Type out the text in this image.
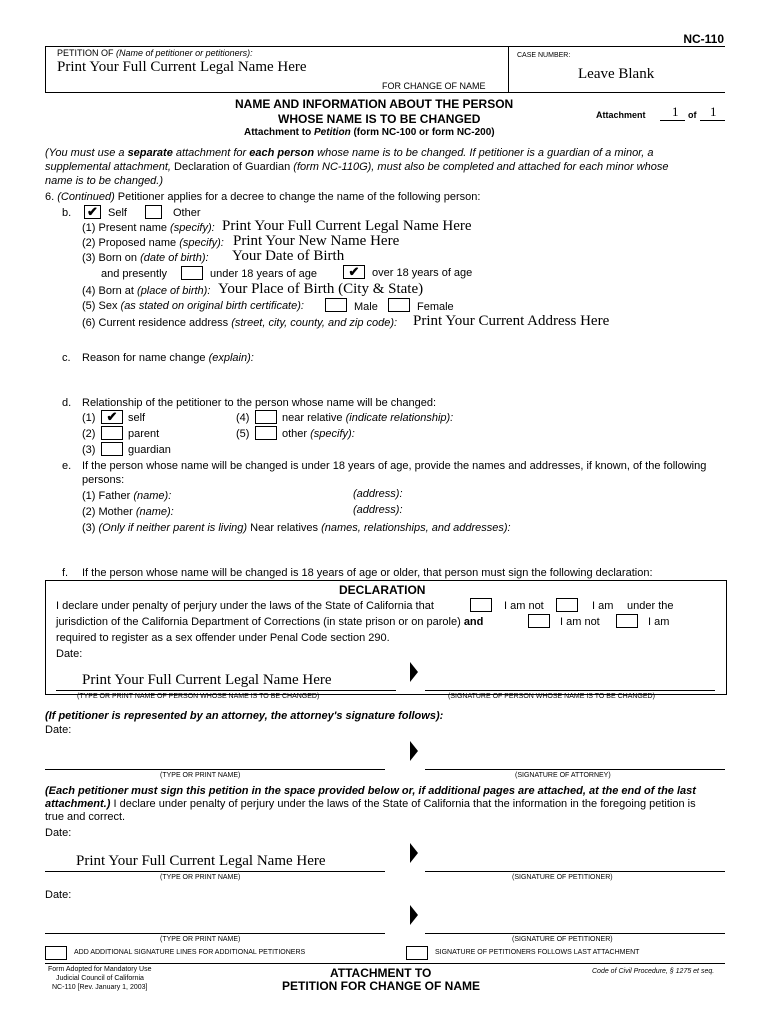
NC-110
PETITION OF (Name of petitioner or petitioners):
Print Your Full Current Legal Name Here
FOR CHANGE OF NAME
CASE NUMBER:
Leave Blank
NAME AND INFORMATION ABOUT THE PERSON
WHOSE NAME IS TO BE CHANGED
Attachment to Petition (form NC-100 or form NC-200)
Attachment 1 of 1
(You must use a separate attachment for each person whose name is to be changed. If petitioner is a guardian of a minor, a
supplemental attachment, Declaration of Guardian (form NC-110G), must also be completed and attached for each minor whose
name is to be changed.)
6. (Continued) Petitioner applies for a decree to change the name of the following person:
b. ✔ Self	Other
(1) Present name (specify): Print Your Full Current Legal Name Here
(2) Proposed name (specify): Print Your New Name Here
(3) Born on (date of birth): Your Date of Birth
and presently	under 18 years of age	✔	over 18 years of age
(4) Born at (place of birth): Your Place of Birth (City & State)
(5) Sex (as stated on original birth certificate):	Male	Female
(6) Current residence address (street, city, county, and zip code): Print Your Current Address Here
c. Reason for name change (explain):
d. Relationship of the petitioner to the person whose name will be changed:
(1) ✔ self
(2)	parent
(3)	guardian
(4)	near relative (indicate relationship):
(5)	other (specify):
e. If the person whose name will be changed is under 18 years of age, provide the names and addresses, if known, of the following
persons:
(1) Father (name):	(address):
(2) Mother (name):	(address):
(3) (Only if neither parent is living) Near relatives (names, relationships, and addresses):
f. If the person whose name will be changed is 18 years of age or older, that person must sign the following declaration:
DECLARATION
I declare under penalty of perjury under the laws of the State of California that	I am not	I am under the
jurisdiction of the California Department of Corrections (in state prison or on parole) and	I am not	I am
required to register as a sex offender under Penal Code section 290.
Date:
Print Your Full Current Legal Name Here
(TYPE OR PRINT NAME OF PERSON WHOSE NAME IS TO BE CHANGED)	(SIGNATURE OF PERSON WHOSE NAME IS TO BE CHANGED)
(If petitioner is represented by an attorney, the attorney's signature follows):
Date:
(TYPE OR PRINT NAME)	(SIGNATURE OF ATTORNEY)
(Each petitioner must sign this petition in the space provided below or, if additional pages are attached, at the end of the last
attachment.) I declare under penalty of perjury under the laws of the State of California that the information in the foregoing petition is
true and correct.
Date:
Print Your Full Current Legal Name Here
(TYPE OR PRINT NAME)	(SIGNATURE OF PETITIONER)
Date:
(TYPE OR PRINT NAME)	(SIGNATURE OF PETITIONER)
ADD ADDITIONAL SIGNATURE LINES FOR ADDITIONAL PETITIONERS	SIGNATURE OF PETITIONERS FOLLOWS LAST ATTACHMENT
Form Adopted for Mandatory Use
Judicial Council of California
NC-110 [Rev. January 1, 2003]
ATTACHMENT TO
PETITION FOR CHANGE OF NAME
Code of Civil Procedure, § 1275 et seq.
